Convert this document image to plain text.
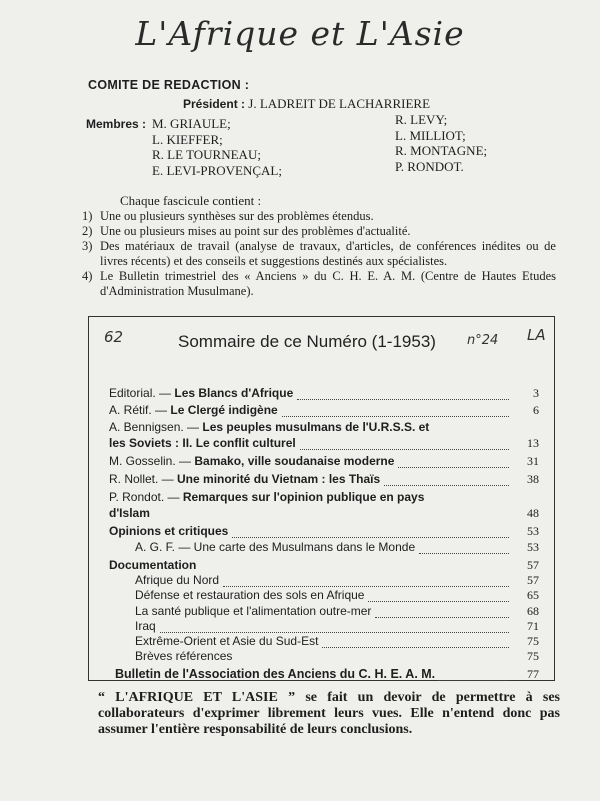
L'Afrique et L'Asie
COMITE DE REDACTION :
Président : J. LADREIT DE LACHARRIERE
Membres : M. GRIAULE;
L. KIEFFER;
R. LE TOURNEAU;
E. LEVI-PROVENÇAL;
R. LEVY;
L. MILLIOT;
R. MONTAGNE;
P. RONDOT.
Chaque fascicule contient :
1) Une ou plusieurs synthèses sur des problèmes étendus.
2) Une ou plusieurs mises au point sur des problèmes d'actualité.
3) Des matériaux de travail (analyse de travaux, d'articles, de conférences inédites ou de livres récents) et des conseils et suggestions destinés aux spécialistes.
4) Le Bulletin trimestriel des « Anciens » du C. H. E. A. M. (Centre de Hautes Etudes d'Administration Musulmane).
62	Sommaire de ce Numéro (1-1953) n°24 LA
Editorial. — Les Blancs d'Afrique	3
A. Rétif. — Le Clergé indigène	6
A. Bennigsen. — Les peuples musulmans de l'U.R.S.S. et
les Soviets : II. Le conflit culturel	13
M. Gosselin. — Bamako, ville soudanaise moderne	31
R. Nollet. — Une minorité du Vietnam : les Thaïs	38
P. Rondot. — Remarques sur l'opinion publique en pays
d'Islam	48
Opinions et critiques	53
A. G. F. — Une carte des Musulmans dans le Monde	53
Documentation	57
Afrique du Nord	57
Défense et restauration des sols en Afrique	65
La santé publique et l'alimentation outre-mer	68
Iraq	71
Extrême-Orient et Asie du Sud-Est	75
Brèves références	75
Bulletin de l'Association des Anciens du C. H. E. A. M.	77
“ L'AFRIQUE ET L'ASIE ” se fait un devoir de permettre à ses collaborateurs d'exprimer librement leurs vues. Elle n'entend donc pas assumer l'entière responsabilité de leurs conclusions.
